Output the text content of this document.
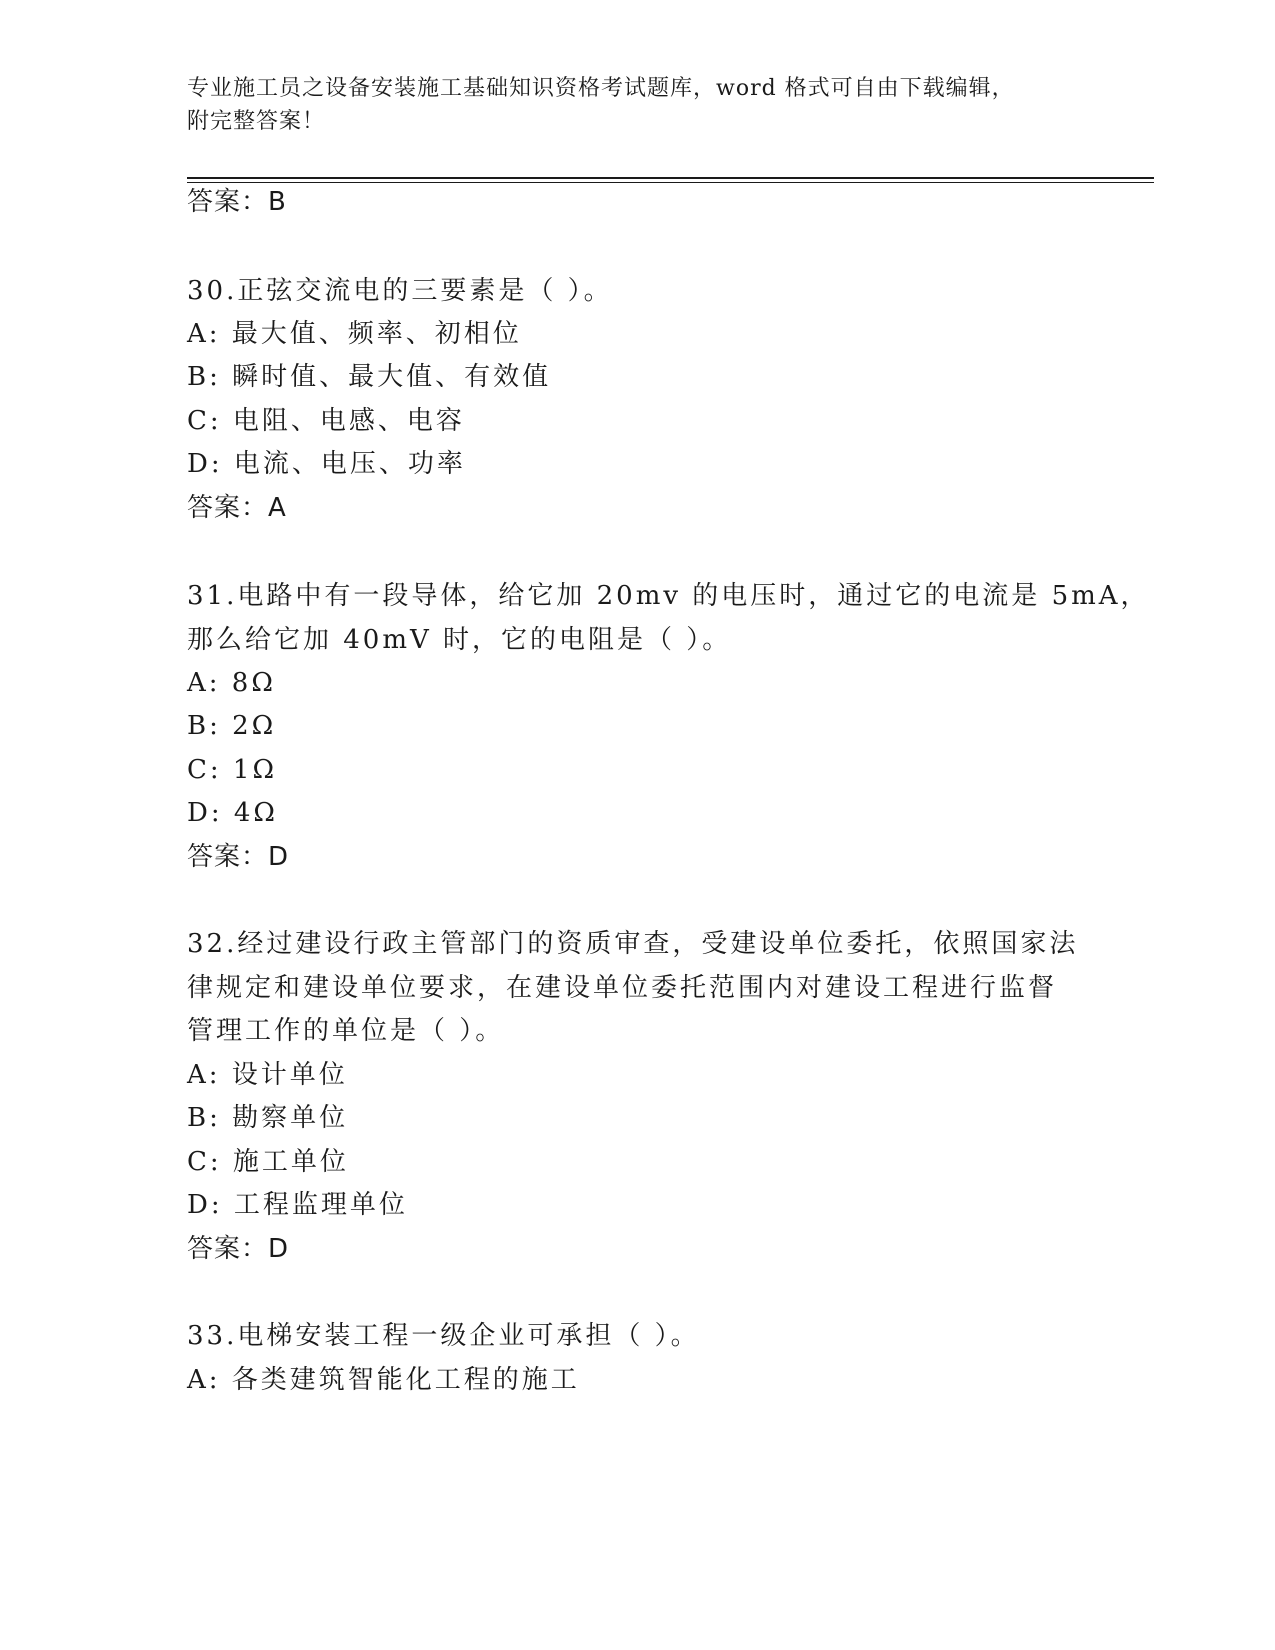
专业施工员之设备安装施工基础知识资格考试题库，word 格式可自由下载编辑，
附完整答案！
答案：B
30.正弦交流电的三要素是（ ）。
A: 最大值、频率、初相位
B: 瞬时值、最大值、有效值
C: 电阻、电感、电容
D: 电流、电压、功率
答案：A
31.电路中有一段导体，给它加 20mv 的电压时，通过它的电流是 5mA，
那么给它加 40mV 时，它的电阻是（ ）。
A: 8Ω
B: 2Ω
C: 1Ω
D: 4Ω
答案：D
32.经过建设行政主管部门的资质审查，受建设单位委托，依照国家法
律规定和建设单位要求，在建设单位委托范围内对建设工程进行监督
管理工作的单位是（ ）。
A: 设计单位
B: 勘察单位
C: 施工单位
D: 工程监理单位
答案：D
33.电梯安装工程一级企业可承担（ ）。
A: 各类建筑智能化工程的施工
